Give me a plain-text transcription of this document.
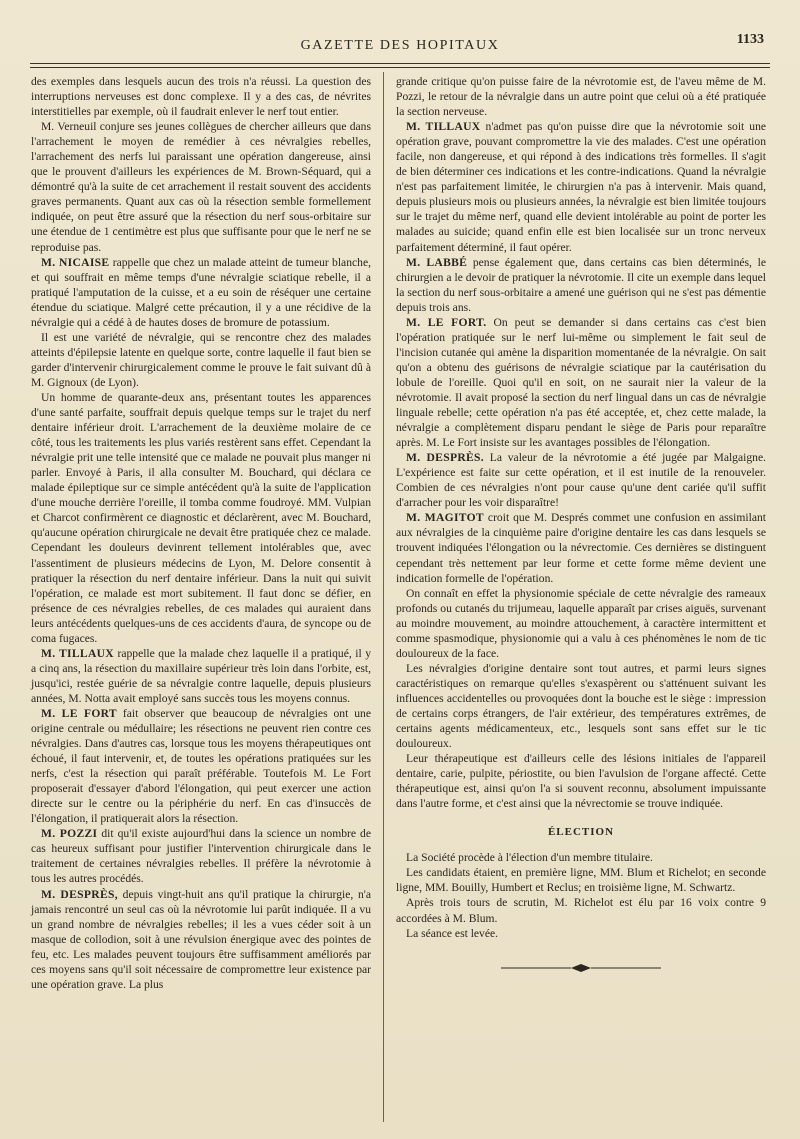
GAZETTE DES HOPITAUX	1133

des exemples dans lesquels aucun des trois n'a réussi. La question des interruptions nerveuses est donc complexe. Il y a des cas, de névrites interstitielles par exemple, où il faudrait enlever le nerf tout entier.

M. Verneuil conjure ses jeunes collègues de chercher ailleurs que dans l'arrachement le moyen de remédier à ces névralgies rebelles, l'arrachement des nerfs lui paraissant une opération dangereuse, ainsi que le prouvent d'ailleurs les expériences de M. Brown-Séquard, qui a démontré qu'à la suite de cet arrachement il restait souvent des accidents graves permanents. Quant aux cas où la résection semble formellement indiquée, on peut être assuré que la résection du nerf sous-orbitaire sur une étendue de 1 centimètre est plus que suffisante pour que le nerf ne se reproduise pas.

M. NICAISE rappelle que chez un malade atteint de tumeur blanche, et qui souffrait en même temps d'une névralgie sciatique rebelle, il a pratiqué l'amputation de la cuisse, et a eu soin de réséquer une certaine étendue du sciatique. Malgré cette précaution, il y a une récidive de la névralgie qui a cédé à de hautes doses de bromure de potassium.

Il est une variété de névralgie, qui se rencontre chez des malades atteints d'épilepsie latente en quelque sorte, contre laquelle il faut bien se garder d'intervenir chirurgicalement comme le prouve le fait suivant dû à M. Gignoux (de Lyon).

Un homme de quarante-deux ans, présentant toutes les apparences d'une santé parfaite, souffrait depuis quelque temps sur le trajet du nerf dentaire inférieur droit. L'arrachement de la deuxième molaire de ce côté, tous les traitements les plus variés restèrent sans effet. Cependant la névralgie prit une telle intensité que ce malade ne pouvait plus manger ni parler. Envoyé à Paris, il alla consulter M. Bouchard, qui déclara ce malade épileptique sur ce simple antécédent qu'à la suite de l'application d'une mouche derrière l'oreille, il tomba comme foudroyé. MM. Vulpian et Charcot confirmèrent ce diagnostic et déclarèrent, avec M. Bouchard, qu'aucune opération chirurgicale ne devait être pratiquée chez ce malade. Cependant les douleurs devinrent tellement intolérables que, avec l'assentiment de plusieurs médecins de Lyon, M. Delore consentit à pratiquer la résection du nerf dentaire inférieur. Dans la nuit qui suivit l'opération, ce malade est mort subitement. Il faut donc se défier, en présence de ces névralgies rebelles, de ces malades qui auraient dans leurs antécédents quelques-uns de ces accidents d'aura, de syncope ou de coma fugaces.

M. TILLAUX rappelle que la malade chez laquelle il a pratiqué, il y a cinq ans, la résection du maxillaire supérieur très loin dans l'orbite, est, jusqu'ici, restée guérie de sa névralgie contre laquelle, depuis plusieurs années, M. Notta avait employé sans succès tous les moyens connus.

M. LE FORT fait observer que beaucoup de névralgies ont une origine centrale ou médullaire; les résections ne peuvent rien contre ces névralgies. Dans d'autres cas, lorsque tous les moyens thérapeutiques ont échoué, il faut intervenir, et, de toutes les opérations pratiquées sur les nerfs, c'est la résection qui paraît préférable. Toutefois M. Le Fort proposerait d'essayer d'abord l'élongation, qui peut exercer une action directe sur le centre ou la périphérie du nerf. En cas d'insuccès de l'élongation, il pratiquerait alors la résection.

M. POZZI dit qu'il existe aujourd'hui dans la science un nombre de cas heureux suffisant pour justifier l'intervention chirurgicale dans le traitement de certaines névralgies rebelles. Il préfère la névrotomie à tous les autres procédés.

M. DESPRÈS, depuis vingt-huit ans qu'il pratique la chirurgie, n'a jamais rencontré un seul cas où la névrotomie lui parût indiquée. Il a vu un grand nombre de névralgies rebelles; il les a vues céder soit à un masque de collodion, soit à une révulsion énergique avec des pointes de feu, etc. Les malades peuvent toujours être suffisamment améliorés par ces moyens sans qu'il soit nécessaire de compromettre leur existence par une opération grave. La plus

grande critique qu'on puisse faire de la névrotomie est, de l'aveu même de M. Pozzi, le retour de la névralgie dans un autre point que celui où a été pratiquée la section nerveuse.

M. TILLAUX n'admet pas qu'on puisse dire que la névrotomie soit une opération grave, pouvant compromettre la vie des malades. C'est une opération facile, non dangereuse, et qui répond à des indications très formelles. Il s'agit de bien déterminer ces indications et les contre-indications. Quand la névralgie n'est pas parfaitement limitée, le chirurgien n'a pas à intervenir. Mais quand, depuis plusieurs mois ou plusieurs années, la névralgie est bien limitée toujours sur le trajet du même nerf, quand elle devient intolérable au point de porter les malades au suicide; quand enfin elle est bien localisée sur un tronc nerveux parfaitement déterminé, il faut opérer.

M. LABBÉ pense également que, dans certains cas bien déterminés, le chirurgien a le devoir de pratiquer la névrotomie. Il cite un exemple dans lequel la section du nerf sous-orbitaire a amené une guérison qui ne s'est pas démentie depuis trois ans.

M. LE FORT. On peut se demander si dans certains cas c'est bien l'opération pratiquée sur le nerf lui-même ou simplement le fait seul de l'incision cutanée qui amène la disparition momentanée de la névralgie. On sait qu'on a obtenu des guérisons de névralgie sciatique par la cautérisation du lobule de l'oreille. Quoi qu'il en soit, on ne saurait nier la valeur de la névrotomie. Il avait proposé la section du nerf lingual dans un cas de névralgie linguale rebelle; cette opération n'a pas été acceptée, et, chez cette malade, la névralgie a complètement disparu pendant le siège de Paris pour reparaître après. M. Le Fort insiste sur les avantages possibles de l'élongation.

M. DESPRÈS. La valeur de la névrotomie a été jugée par Malgaigne. L'expérience est faite sur cette opération, et il est inutile de la renouveler. Combien de ces névralgies n'ont pour cause qu'une dent cariée qu'il suffit d'arracher pour les voir disparaître!

M. MAGITOT croit que M. Després commet une confusion en assimilant aux névralgies de la cinquième paire d'origine dentaire les cas dans lesquels se trouvent indiquées l'élongation ou la névrectomie. Ces dernières se distinguent cependant très nettement par leur forme et cette forme même devient une indication formelle de l'opération.

On connaît en effet la physionomie spéciale de cette névralgie des rameaux profonds ou cutanés du trijumeau, laquelle apparaît par crises aiguës, survenant au moindre mouvement, au moindre attouchement, à caractère intermittent et comme spasmodique, physionomie qui a valu à ces phénomènes le nom de tic douloureux de la face.

Les névralgies d'origine dentaire sont tout autres, et parmi leurs signes caractéristiques on remarque qu'elles s'exaspèrent ou s'atténuent suivant les influences accidentelles ou provoquées dont la bouche est le siège : impression de certains corps étrangers, de l'air extérieur, des températures extrêmes, de certains agents médicamenteux, etc., lesquels sont sans effet sur le tic douloureux.

Leur thérapeutique est d'ailleurs celle des lésions initiales de l'appareil dentaire, carie, pulpite, périostite, ou bien l'avulsion de l'organe affecté. Cette thérapeutique est, ainsi qu'on l'a si souvent reconnu, absolument impuissante dans l'autre forme, et c'est ainsi que la névrectomie se trouve indiquée.

ÉLECTION

La Société procède à l'élection d'un membre titulaire.

Les candidats étaient, en première ligne, MM. Blum et Richelot; en seconde ligne, MM. Bouilly, Humbert et Reclus; en troisième ligne, M. Schwartz.

Après trois tours de scrutin, M. Richelot est élu par 16 voix contre 9 accordées à M. Blum.

La séance est levée.
